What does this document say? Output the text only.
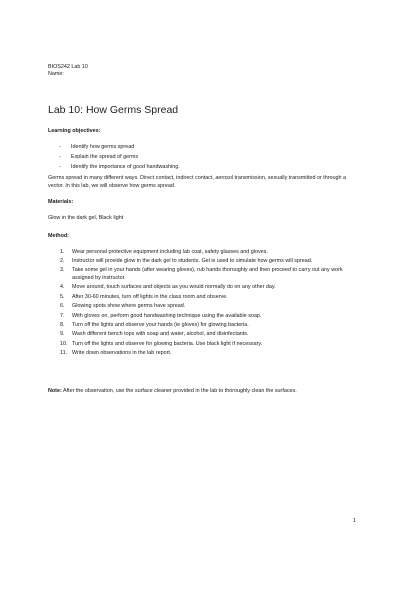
BIOS242 Lab 10
Name:
Lab 10: How Germs Spread
Learning objectives:
- Identify how germs spread
- Explain the spread of germs
- Identify the importance of good handwashing.

Germs spread in many different ways. Direct contact, indirect contact, aerosol transmission, sexually transmitted or through a vector. In this lab, we will observe how germs spread.

Materials:

Glow in the dark gel, Black light

Method:
1. Wear personal protective equipment including lab coat, safety glasses and gloves.
2. Instructor will provide glow in the dark gel to students. Gel is used to simulate how germs will spread.
3. Take some gel in your hands (after wearing gloves), rub hands thoroughly and then proceed to carry out any work assigned by instructor.
4. Move around, touch surfaces and objects as you would normally do on any other day.
5. After 30-60 minutes, turn off lights in the class room and observe.
6. Glowing spots show where germs have spread.
7. With gloves on, perform good handwashing technique using the available soap.
8. Turn off the lights and observe your hands (ie gloves) for glowing bacteria.
9. Wash different bench tops with soap and water, alcohol, and disinfectants.
10. Turn off the lights and observe for glowing bacteria. Use black light if necessary.
11. Write down observations in the lab report.

Note: After the observation, use the surface cleaner provided in the lab to thoroughly clean the surfaces.

1
